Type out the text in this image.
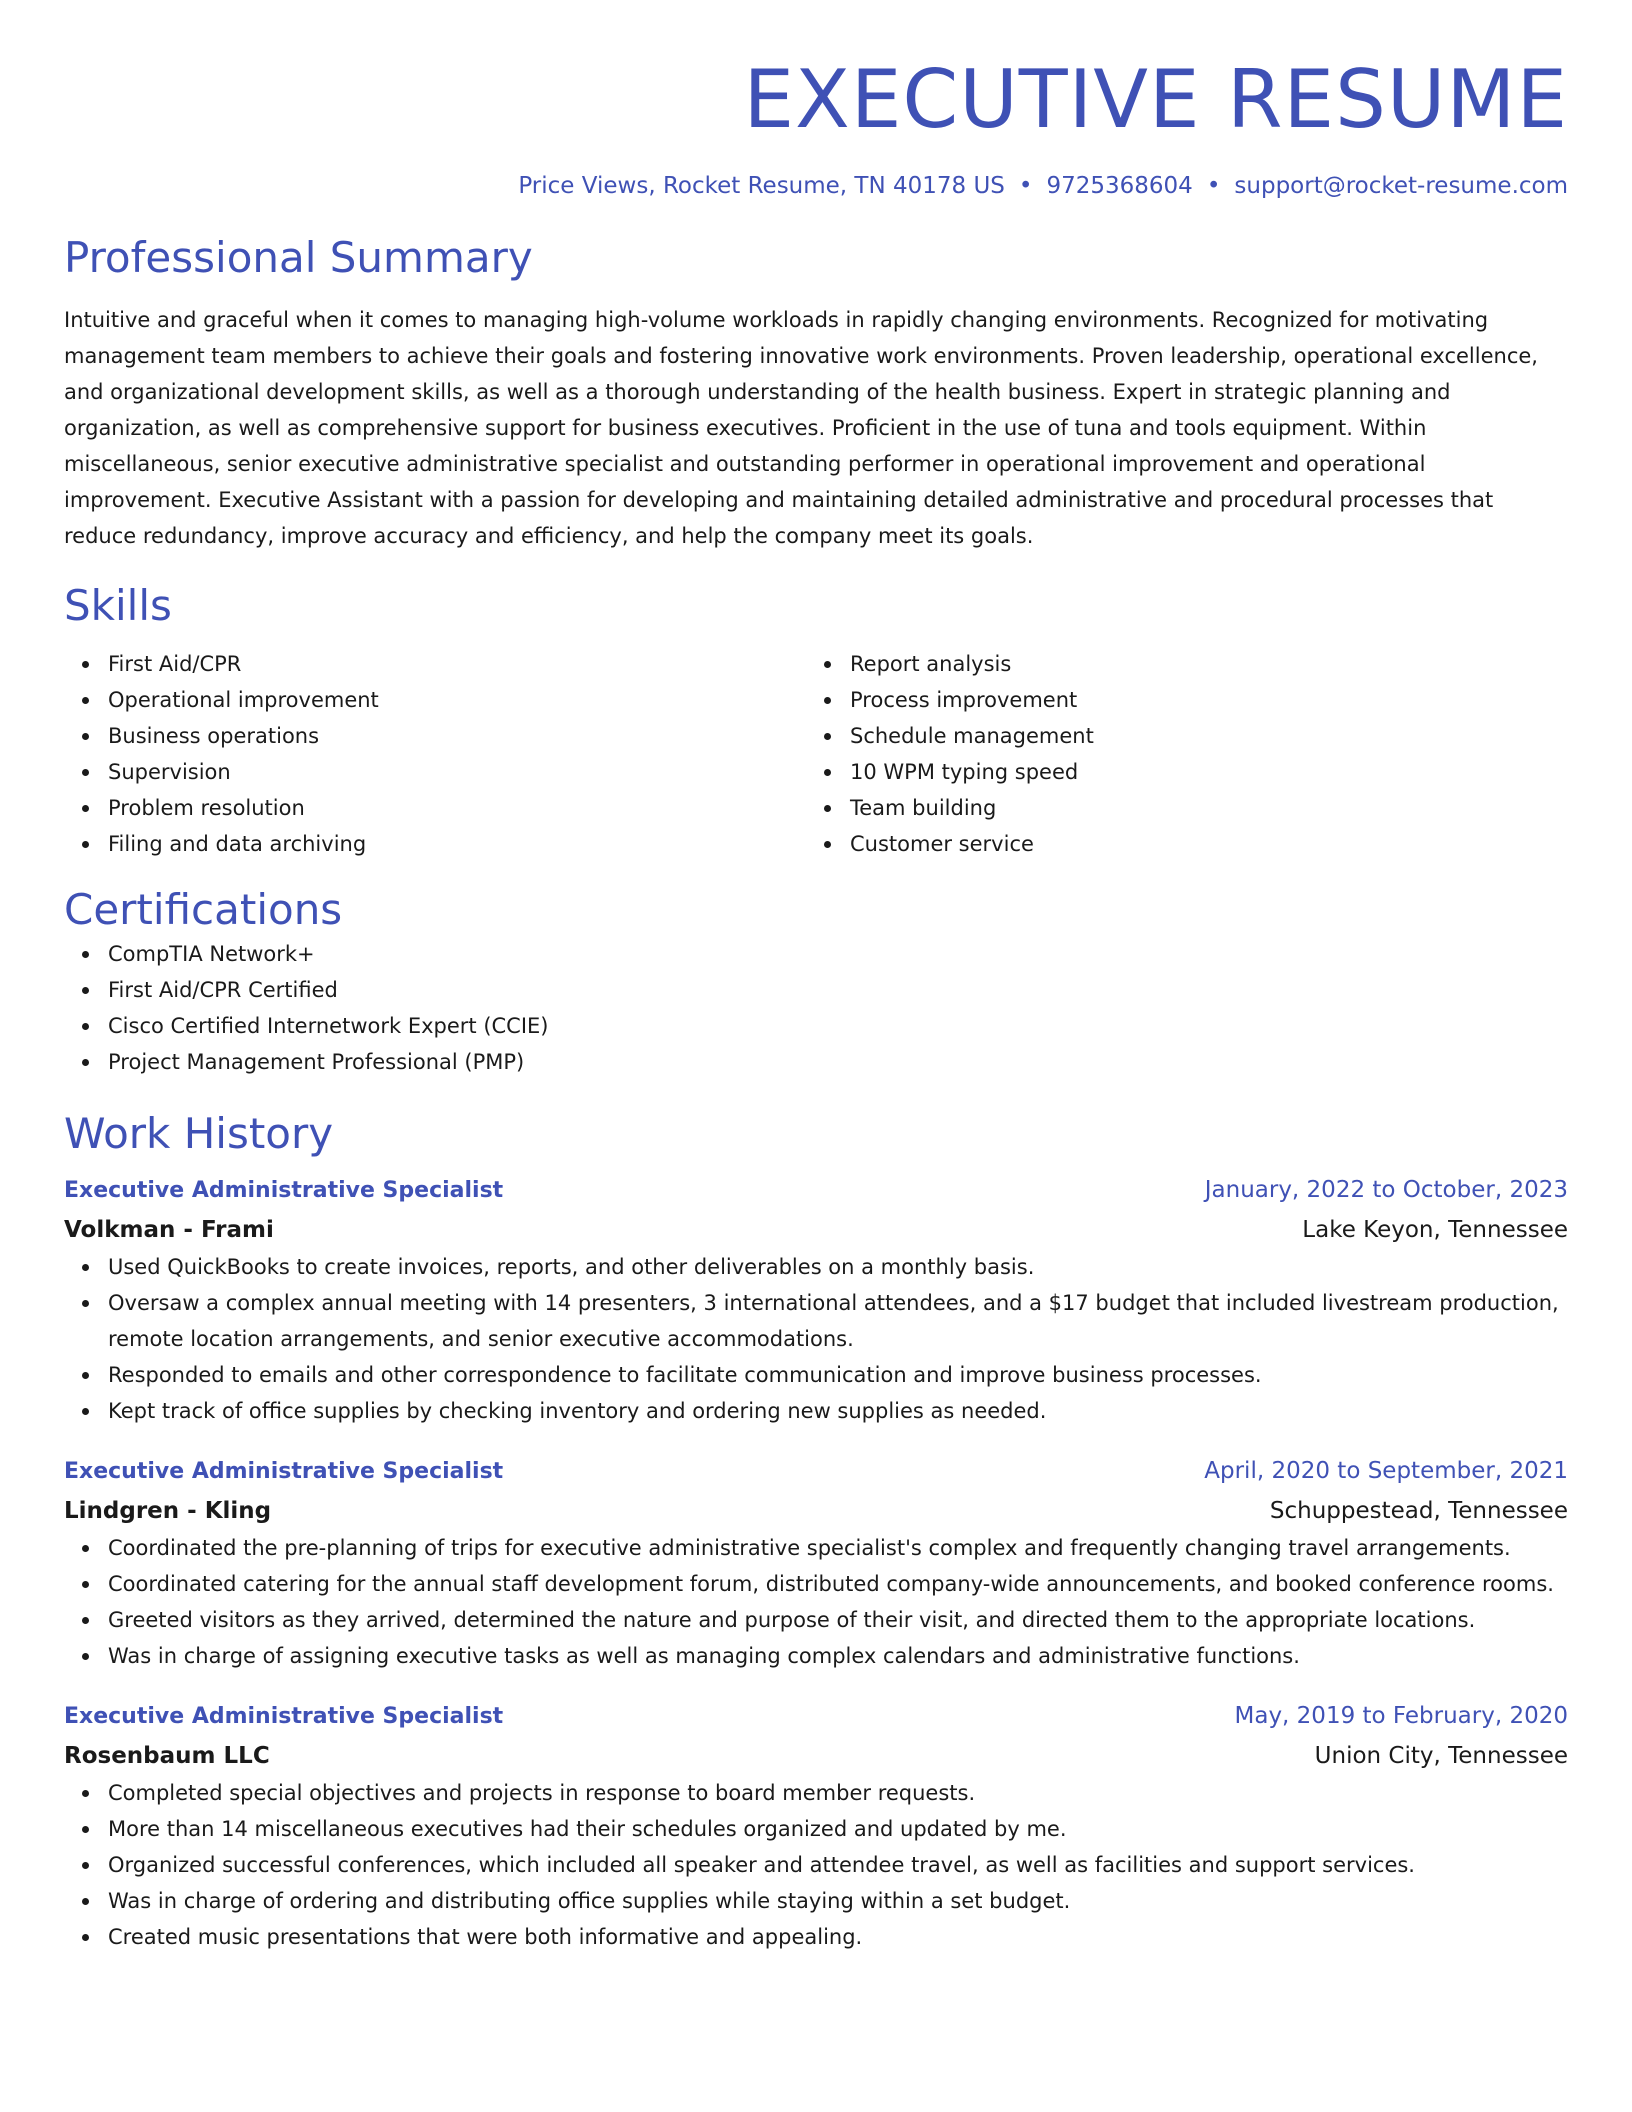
EXECUTIVE RESUME
Price Views, Rocket Resume, TN 40178 US • 9725368604 • support@rocket-resume.com
Professional Summary
Intuitive and graceful when it comes to managing high-volume workloads in rapidly changing environments. Recognized for motivating management team members to achieve their goals and fostering innovative work environments. Proven leadership, operational excellence, and organizational development skills, as well as a thorough understanding of the health business. Expert in strategic planning and organization, as well as comprehensive support for business executives. Proficient in the use of tuna and tools equipment. Within miscellaneous, senior executive administrative specialist and outstanding performer in operational improvement and operational improvement. Executive Assistant with a passion for developing and maintaining detailed administrative and procedural processes that reduce redundancy, improve accuracy and efficiency, and help the company meet its goals.
Skills
First Aid/CPR
Operational improvement
Business operations
Supervision
Problem resolution
Filing and data archiving
Report analysis
Process improvement
Schedule management
10 WPM typing speed
Team building
Customer service
Certifications
CompTIA Network+
First Aid/CPR Certified
Cisco Certified Internetwork Expert (CCIE)
Project Management Professional (PMP)
Work History
Executive Administrative Specialist	January, 2022 to October, 2023
Volkman - Frami	Lake Keyon, Tennessee
Used QuickBooks to create invoices, reports, and other deliverables on a monthly basis.
Oversaw a complex annual meeting with 14 presenters, 3 international attendees, and a $17 budget that included livestream production, remote location arrangements, and senior executive accommodations.
Responded to emails and other correspondence to facilitate communication and improve business processes.
Kept track of office supplies by checking inventory and ordering new supplies as needed.
Executive Administrative Specialist	April, 2020 to September, 2021
Lindgren - Kling	Schuppestead, Tennessee
Coordinated the pre-planning of trips for executive administrative specialist's complex and frequently changing travel arrangements.
Coordinated catering for the annual staff development forum, distributed company-wide announcements, and booked conference rooms.
Greeted visitors as they arrived, determined the nature and purpose of their visit, and directed them to the appropriate locations.
Was in charge of assigning executive tasks as well as managing complex calendars and administrative functions.
Executive Administrative Specialist	May, 2019 to February, 2020
Rosenbaum LLC	Union City, Tennessee
Completed special objectives and projects in response to board member requests.
More than 14 miscellaneous executives had their schedules organized and updated by me.
Organized successful conferences, which included all speaker and attendee travel, as well as facilities and support services.
Was in charge of ordering and distributing office supplies while staying within a set budget.
Created music presentations that were both informative and appealing.
